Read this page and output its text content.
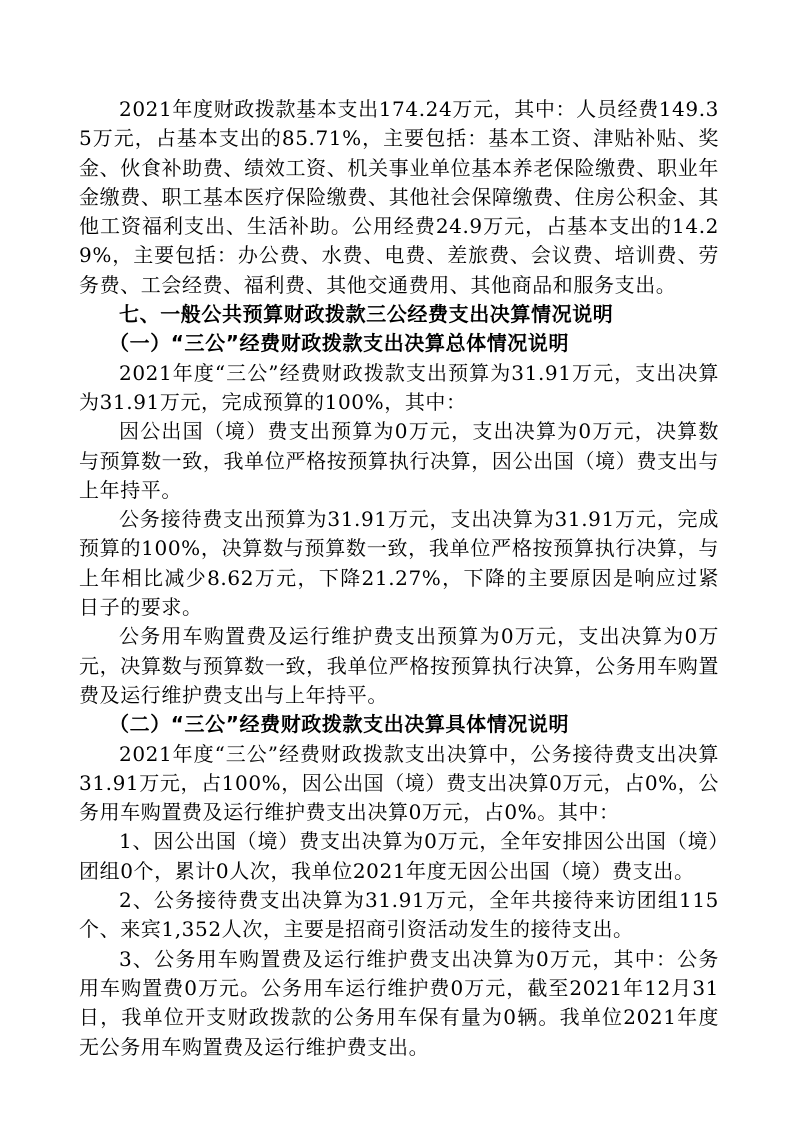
2021年度财政拨款基本支出174.24万元，其中：人员经费149.35万元，占基本支出的85.71%，主要包括：基本工资、津贴补贴、奖金、伙食补助费、绩效工资、机关事业单位基本养老保险缴费、职业年金缴费、职工基本医疗保险缴费、其他社会保障缴费、住房公积金、其他工资福利支出、生活补助。公用经费24.9万元，占基本支出的14.29%，主要包括：办公费、水费、电费、差旅费、会议费、培训费、劳务费、工会经费、福利费、其他交通费用、其他商品和服务支出。

七、一般公共预算财政拨款三公经费支出决算情况说明
（一）“三公”经费财政拨款支出决算总体情况说明

2021年度“三公”经费财政拨款支出预算为31.91万元，支出决算为31.91万元，完成预算的100%，其中：

因公出国（境）费支出预算为0万元，支出决算为0万元，决算数与预算数一致，我单位严格按预算执行决算，因公出国（境）费支出与上年持平。

公务接待费支出预算为31.91万元，支出决算为31.91万元，完成预算的100%，决算数与预算数一致，我单位严格按预算执行决算，与上年相比减少8.62万元，下降21.27%，下降的主要原因是响应过紧日子的要求。

公务用车购置费及运行维护费支出预算为0万元，支出决算为0万元，决算数与预算数一致，我单位严格按预算执行决算，公务用车购置费及运行维护费支出与上年持平。

（二）“三公”经费财政拨款支出决算具体情况说明

2021年度“三公”经费财政拨款支出决算中，公务接待费支出决算31.91万元，占100%，因公出国（境）费支出决算0万元，占0%，公务用车购置费及运行维护费支出决算0万元，占0%。其中：

1、因公出国（境）费支出决算为0万元，全年安排因公出国（境）团组0个，累计0人次，我单位2021年度无因公出国（境）费支出。

2、公务接待费支出决算为31.91万元，全年共接待来访团组115个、来宾1,352人次，主要是招商引资活动发生的接待支出。

3、公务用车购置费及运行维护费支出决算为0万元，其中：公务用车购置费0万元。公务用车运行维护费0万元，截至2021年12月31日，我单位开支财政拨款的公务用车保有量为0辆。我单位2021年度无公务用车购置费及运行维护费支出。
